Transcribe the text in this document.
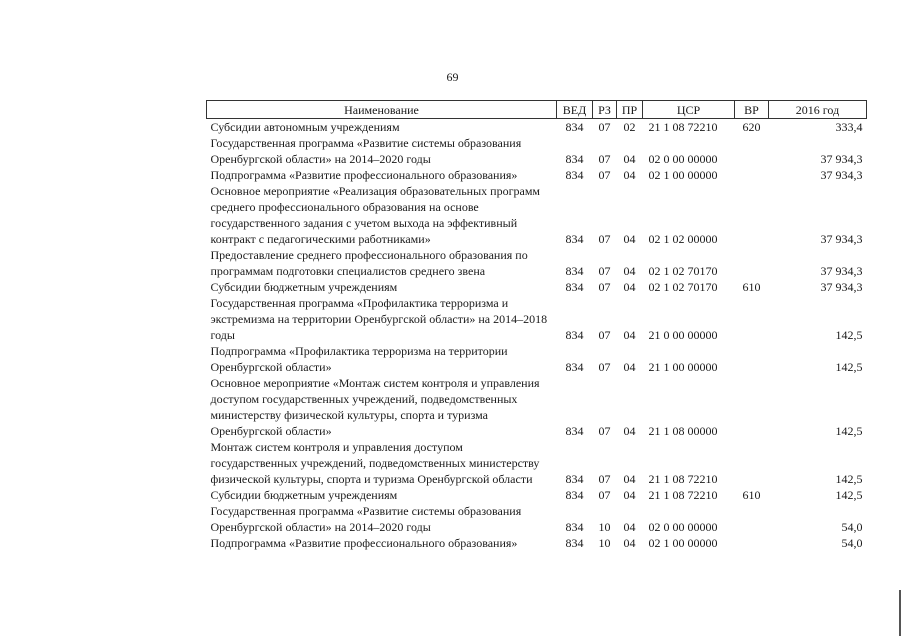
69
Наименование	ВЕД	РЗ	ПР	ЦСР	ВР	2016 год
Субсидии автономным учреждениям	834	07	02	21 1 08 72210	620	333,4
Государственная программа «Развитие системы образования Оренбургской области» на 2014–2020 годы	834	07	04	02 0 00 00000		37 934,3
Подпрограмма «Развитие профессионального образования»	834	07	04	02 1 00 00000		37 934,3
Основное мероприятие «Реализация образовательных программ среднего профессионального образования на основе государственного задания с учетом выхода на эффективный контракт с педагогическими работниками»	834	07	04	02 1 02 00000		37 934,3
Предоставление среднего профессионального образования по программам подготовки специалистов среднего звена	834	07	04	02 1 02 70170		37 934,3
Субсидии бюджетным учреждениям	834	07	04	02 1 02 70170	610	37 934,3
Государственная программа «Профилактика терроризма и экстремизма на территории Оренбургской области» на 2014–2018 годы	834	07	04	21 0 00 00000		142,5
Подпрограмма «Профилактика терроризма на территории Оренбургской области»	834	07	04	21 1 00 00000		142,5
Основное мероприятие «Монтаж систем контроля и управления доступом государственных учреждений, подведомственных министерству физической культуры, спорта и туризма Оренбургской области»	834	07	04	21 1 08 00000		142,5
Монтаж систем контроля и управления доступом государственных учреждений, подведомственных министерству физической культуры, спорта и туризма Оренбургской области	834	07	04	21 1 08 72210		142,5
Субсидии бюджетным учреждениям	834	07	04	21 1 08 72210	610	142,5
Государственная программа «Развитие системы образования Оренбургской области» на 2014–2020 годы	834	10	04	02 0 00 00000		54,0
Подпрограмма «Развитие профессионального образования»	834	10	04	02 1 00 00000		54,0
